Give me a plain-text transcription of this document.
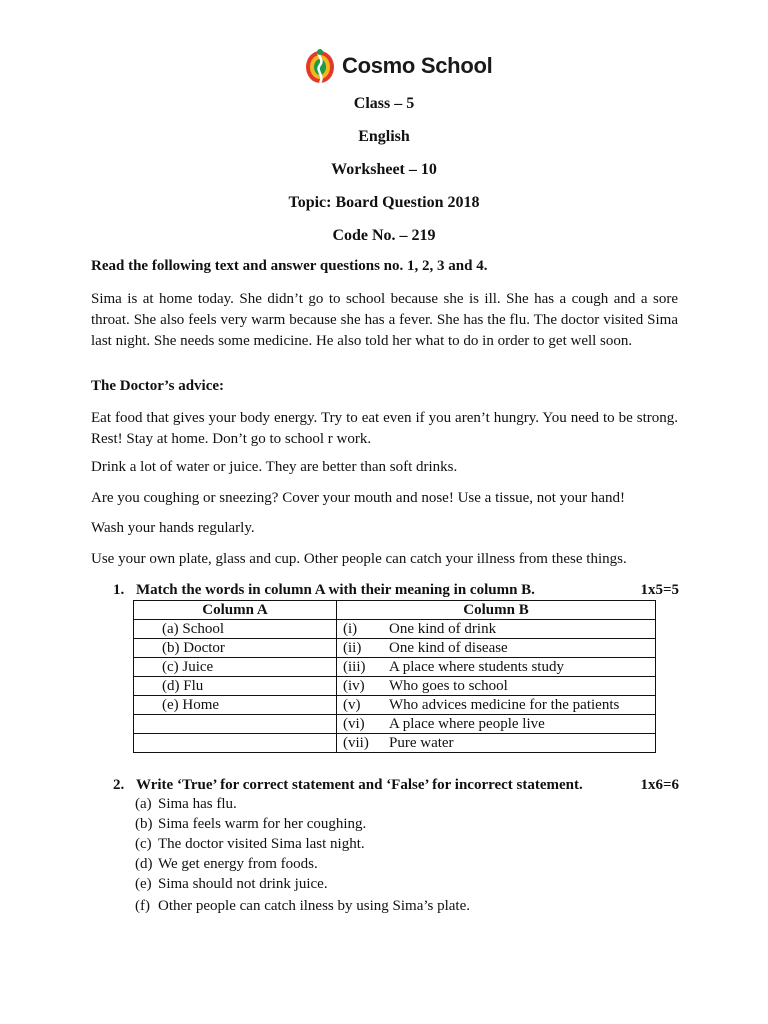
Cosmo School
Class – 5
English
Worksheet – 10
Topic: Board Question 2018
Code No. – 219
Read the following text and answer questions no. 1, 2, 3 and 4.

Sima is at home today. She didn’t go to school because she is ill. She has a cough and a sore throat. She also feels very warm because she has a fever. She has the flu. The doctor visited Sima last night. She needs some medicine. He also told her what to do in order to get well soon.

The Doctor’s advice:

Eat food that gives your body energy. Try to eat even if you aren’t hungry. You need to be strong. Rest! Stay at home. Don’t go to school r work.

Drink a lot of water or juice. They are better than soft drinks.
Are you coughing or sneezing? Cover your mouth and nose! Use a tissue, not your hand!
Wash your hands regularly.
Use your own plate, glass and cup. Other people can catch your illness from these things.
1. Match the words in column A with their meaning in column B.	1x5=5
Column A	Column B
(a) School	(i) One kind of drink
(b) Doctor	(ii) One kind of disease
(c) Juice	(iii) A place where students study
(d) Flu	(iv) Who goes to school
(e) Home	(v) Who advices medicine for the patients
	(vi) A place where people live
	(vii) Pure water
2. Write ‘True’ for correct statement and ‘False’ for incorrect statement.	1x6=6
(a) Sima has flu.
(b) Sima feels warm for her coughing.
(c) The doctor visited Sima last night.
(d) We get energy from foods.
(e) Sima should not drink juice.
(f) Other people can catch ilness by using Sima’s plate.
